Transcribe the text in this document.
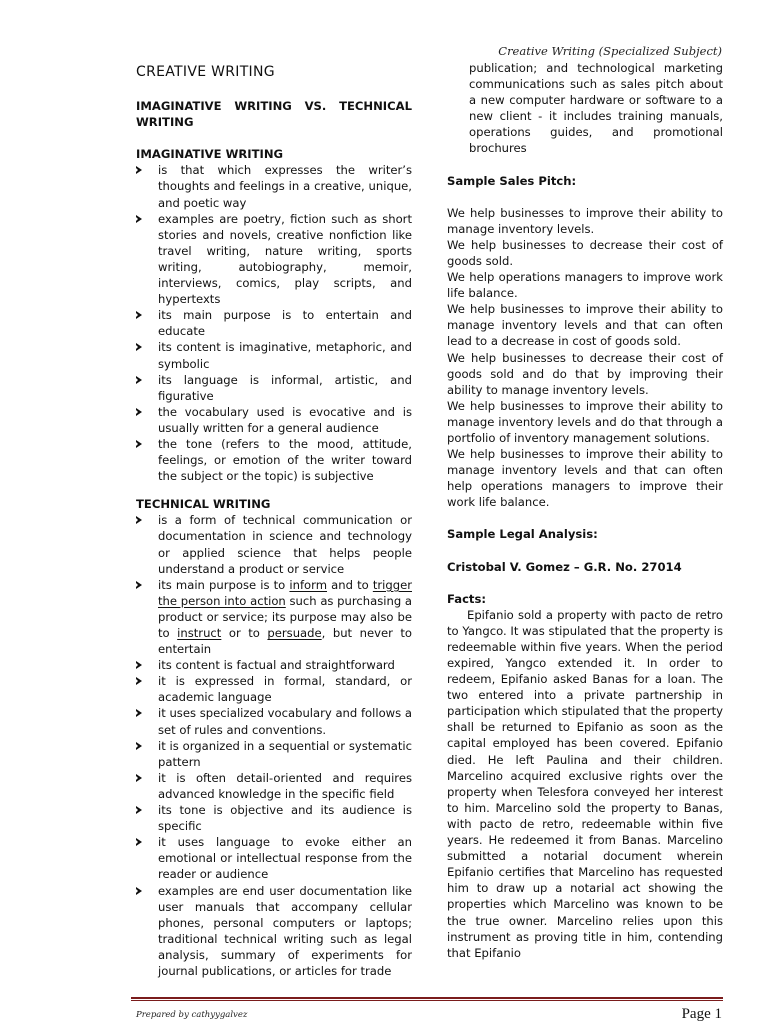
Creative Writing (Specialized Subject)
CREATIVE WRITING
IMAGINATIVE WRITING VS. TECHNICAL WRITING
IMAGINATIVE WRITING
is that which expresses the writer’s thoughts and feelings in a creative, unique, and poetic way
examples are poetry, fiction such as short stories and novels, creative nonfiction like travel writing, nature writing, sports writing, autobiography, memoir, interviews, comics, play scripts, and hypertexts
its main purpose is to entertain and educate
its content is imaginative, metaphoric, and symbolic
its language is informal, artistic, and figurative
the vocabulary used is evocative and is usually written for a general audience
the tone (refers to the mood, attitude, feelings, or emotion of the writer toward the subject or the topic) is subjective
TECHNICAL WRITING
is a form of technical communication or documentation in science and technology or applied science that helps people understand a product or service
its main purpose is to inform and to trigger the person into action such as purchasing a product or service; its purpose may also be to instruct or to persuade, but never to entertain
its content is factual and straightforward
it is expressed in formal, standard, or academic language
it uses specialized vocabulary and follows a set of rules and conventions.
it is organized in a sequential or systematic pattern
it is often detail-oriented and requires advanced knowledge in the specific field
its tone is objective and its audience is specific
it uses language to evoke either an emotional or intellectual response from the reader or audience
examples are end user documentation like user manuals that accompany cellular phones, personal computers or laptops; traditional technical writing such as legal analysis, summary of experiments for journal publications, or articles for trade
publication; and technological marketing communications such as sales pitch about a new computer hardware or software to a new client - it includes training manuals, operations guides, and promotional brochures
Sample Sales Pitch:

We help businesses to improve their ability to manage inventory levels.

We help businesses to decrease their cost of goods sold.

We help operations managers to improve work life balance.

We help businesses to improve their ability to manage inventory levels and that can often lead to a decrease in cost of goods sold.

We help businesses to decrease their cost of goods sold and do that by improving their ability to manage inventory levels.

We help businesses to improve their ability to manage inventory levels and do that through a portfolio of inventory management solutions.

We help businesses to improve their ability to manage inventory levels and that can often help operations managers to improve their work life balance.

Sample Legal Analysis:
Cristobal V. Gomez – G.R. No. 27014
Facts:

Epifanio sold a property with pacto de retro to Yangco. It was stipulated that the property is redeemable within five years. When the period expired, Yangco extended it. In order to redeem, Epifanio asked Banas for a loan. The two entered into a private partnership in participation which stipulated that the property shall be returned to Epifanio as soon as the capital employed has been covered. Epifanio died. He left Paulina and their children. Marcelino acquired exclusive rights over the property when Telesfora conveyed her interest to him. Marcelino sold the property to Banas, with pacto de retro, redeemable within five years. He redeemed it from Banas. Marcelino submitted a notarial document wherein Epifanio certifies that Marcelino has requested him to draw up a notarial act showing the properties which Marcelino was known to be the true owner. Marcelino relies upon this instrument as proving title in him, contending that Epifanio

Prepared by cathyygalvez	Page 1
